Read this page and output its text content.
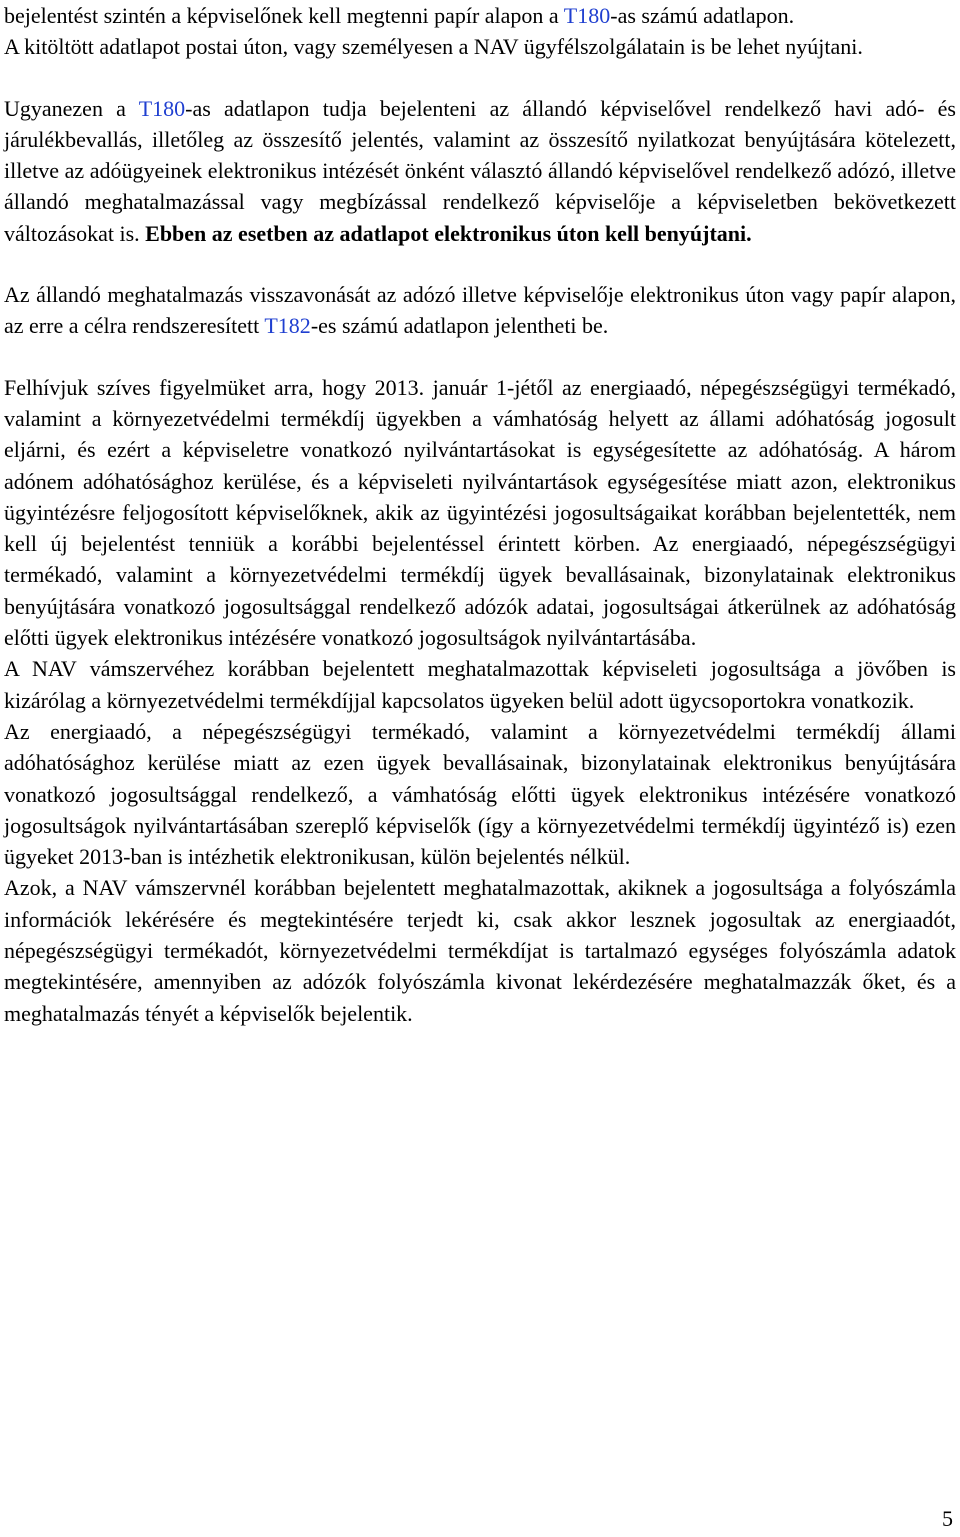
bejelentést szintén a képviselőnek kell megtenni papír alapon a T180-as számú adatlapon.

A kitöltött adatlapot postai úton, vagy személyesen a NAV ügyfélszolgálatain is be lehet nyújtani.

Ugyanezen a T180-as adatlapon tudja bejelenteni az állandó képviselővel rendelkező havi adó- és járulékbevallás, illetőleg az összesítő jelentés, valamint az összesítő nyilatkozat benyújtására kötelezett, illetve az adóügyeinek elektronikus intézését önként választó állandó képviselővel rendelkező adózó, illetve állandó meghatalmazással vagy megbízással rendelkező képviselője a képviseletben bekövetkezett változásokat is. Ebben az esetben az adatlapot elektronikus úton kell benyújtani.

Az állandó meghatalmazás visszavonását az adózó illetve képviselője elektronikus úton vagy papír alapon, az erre a célra rendszeresített T182-es számú adatlapon jelentheti be.

Felhívjuk szíves figyelmüket arra, hogy 2013. január 1-jétől az energiaadó, népegészségügyi termékadó, valamint a környezetvédelmi termékdíj ügyekben a vámhatóság helyett az állami adóhatóság jogosult eljárni, és ezért a képviseletre vonatkozó nyilvántartásokat is egységesítette az adóhatóság. A három adónem adóhatósághoz kerülése, és a képviseleti nyilvántartások egységesítése miatt azon, elektronikus ügyintézésre feljogosított képviselőknek, akik az ügyintézési jogosultságaikat korábban bejelentették, nem kell új bejelentést tenniük a korábbi bejelentéssel érintett körben. Az energiaadó, népegészségügyi termékadó, valamint a környezetvédelmi termékdíj ügyek bevallásainak, bizonylatainak elektronikus benyújtására vonatkozó jogosultsággal rendelkező adózók adatai, jogosultságai átkerülnek az adóhatóság előtti ügyek elektronikus intézésére vonatkozó jogosultságok nyilvántartásába.

A NAV vámszervéhez korábban bejelentett meghatalmazottak képviseleti jogosultsága a jövőben is kizárólag a környezetvédelmi termékdíjjal kapcsolatos ügyeken belül adott ügycsoportokra vonatkozik.

Az energiaadó, a népegészségügyi termékadó, valamint a környezetvédelmi termékdíj állami adóhatósághoz kerülése miatt az ezen ügyek bevallásainak, bizonylatainak elektronikus benyújtására vonatkozó jogosultsággal rendelkező, a vámhatóság előtti ügyek elektronikus intézésére vonatkozó jogosultságok nyilvántartásában szereplő képviselők (így a környezetvédelmi termékdíj ügyintéző is) ezen ügyeket 2013-ban is intézhetik elektronikusan, külön bejelentés nélkül.

Azok, a NAV vámszervnél korábban bejelentett meghatalmazottak, akiknek a jogosultsága a folyószámla információk lekérésére és megtekintésére terjedt ki, csak akkor lesznek jogosultak az energiaadót, népegészségügyi termékadót, környezetvédelmi termékdíjat is tartalmazó egységes folyószámla adatok megtekintésére, amennyiben az adózók folyószámla kivonat lekérdezésére meghatalmazzák őket, és a meghatalmazás tényét a képviselők bejelentik.

5
